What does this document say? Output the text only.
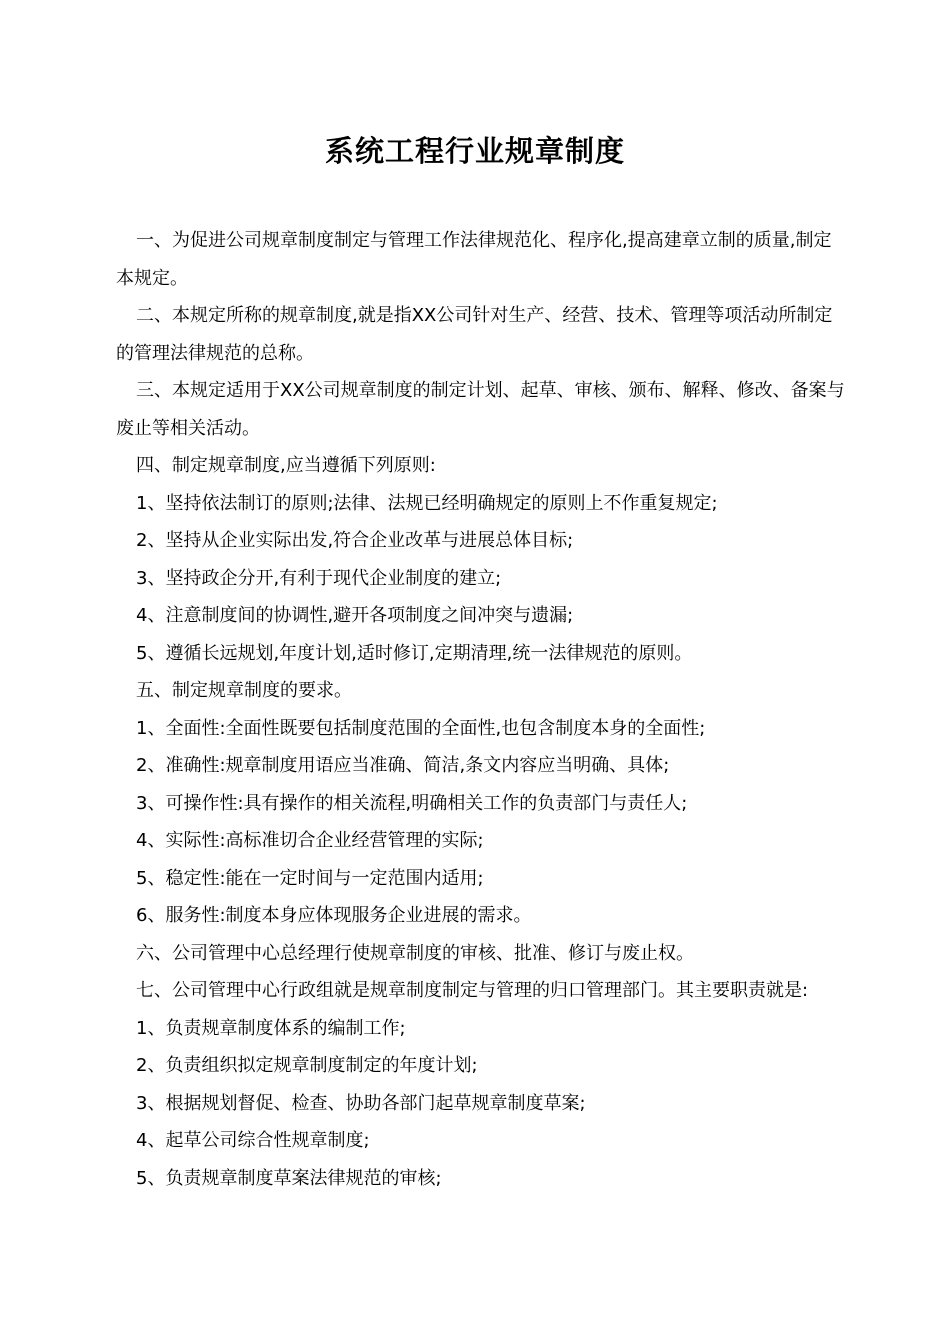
系统工程行业规章制度

一、为促进公司规章制度制定与管理工作法律规范化、程序化,提高建章立制的质量,制定本规定。

二、本规定所称的规章制度,就是指XX公司针对生产、经营、技术、管理等项活动所制定的管理法律规范的总称。

三、本规定适用于XX公司规章制度的制定计划、起草、审核、颁布、解释、修改、备案与废止等相关活动。

四、制定规章制度,应当遵循下列原则:

1、坚持依法制订的原则;法律、法规已经明确规定的原则上不作重复规定;

2、坚持从企业实际出发,符合企业改革与进展总体目标;

3、坚持政企分开,有利于现代企业制度的建立;

4、注意制度间的协调性,避开各项制度之间冲突与遗漏;

5、遵循长远规划,年度计划,适时修订,定期清理,统一法律规范的原则。

五、制定规章制度的要求。

1、全面性:全面性既要包括制度范围的全面性,也包含制度本身的全面性;

2、准确性:规章制度用语应当准确、简洁,条文内容应当明确、具体;

3、可操作性:具有操作的相关流程,明确相关工作的负责部门与责任人;

4、实际性:高标准切合企业经营管理的实际;

5、稳定性:能在一定时间与一定范围内适用;

6、服务性:制度本身应体现服务企业进展的需求。

六、公司管理中心总经理行使规章制度的审核、批准、修订与废止权。

七、公司管理中心行政组就是规章制度制定与管理的归口管理部门。其主要职责就是:

1、负责规章制度体系的编制工作;

2、负责组织拟定规章制度制定的年度计划;

3、根据规划督促、检查、协助各部门起草规章制度草案;

4、起草公司综合性规章制度;

5、负责规章制度草案法律规范的审核;
